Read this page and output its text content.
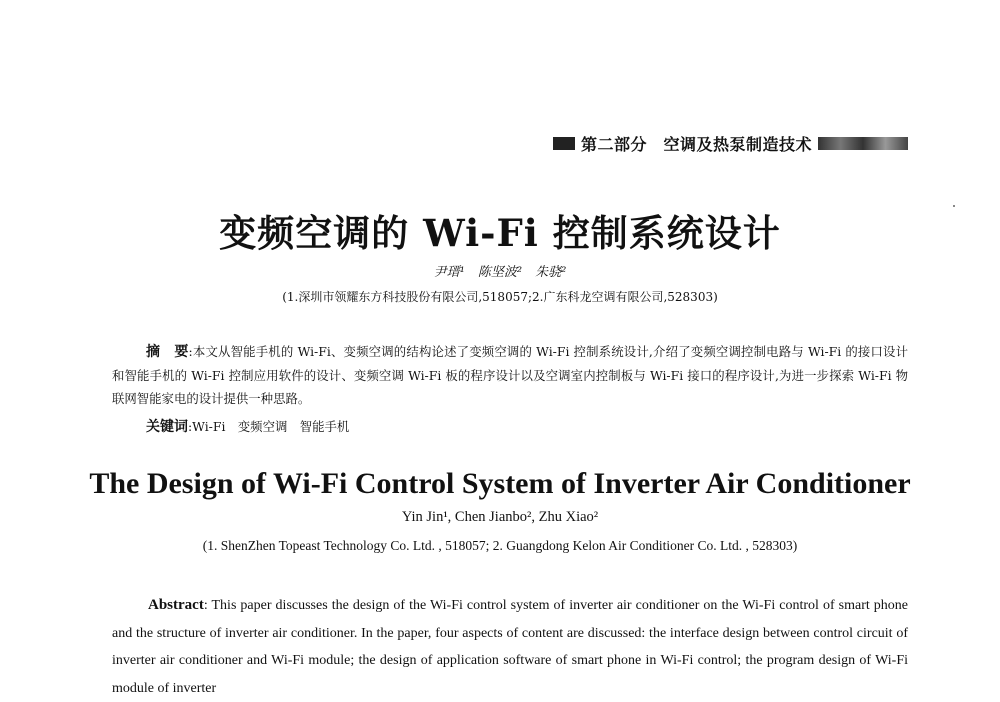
第二部分　空调及热泵制造技术
变频空调的 Wi-Fi 控制系统设计
尹瑨¹　陈坚波²　朱骁²
(1.深圳市领耀东方科技股份有限公司,518057;2.广东科龙空调有限公司,528303)
摘　要:本文从智能手机的 Wi-Fi、变频空调的结构论述了变频空调的 Wi-Fi 控制系统设计,介绍了变频空调控制电路与 Wi-Fi 的接口设计和智能手机的 Wi-Fi 控制应用软件的设计、变频空调 Wi-Fi 板的程序设计以及空调室内控制板与 Wi-Fi 接口的程序设计,为进一步探索 Wi-Fi 物联网智能家电的设计提供一种思路。
关键词:Wi-Fi　变频空调　智能手机
The Design of Wi-Fi Control System of Inverter Air Conditioner
Yin Jin¹, Chen Jianbo², Zhu Xiao²
(1. ShenZhen Topeast Technology Co. Ltd. , 518057; 2. Guangdong Kelon Air Conditioner Co. Ltd. , 528303)
Abstract: This paper discusses the design of the Wi-Fi control system of inverter air conditioner on the Wi-Fi control of smart phone and the structure of inverter air conditioner. In the paper, four aspects of content are discussed: the interface design between control circuit of inverter air conditioner and Wi-Fi module; the design of application software of smart phone in Wi-Fi control; the program design of Wi-Fi module of inverter
